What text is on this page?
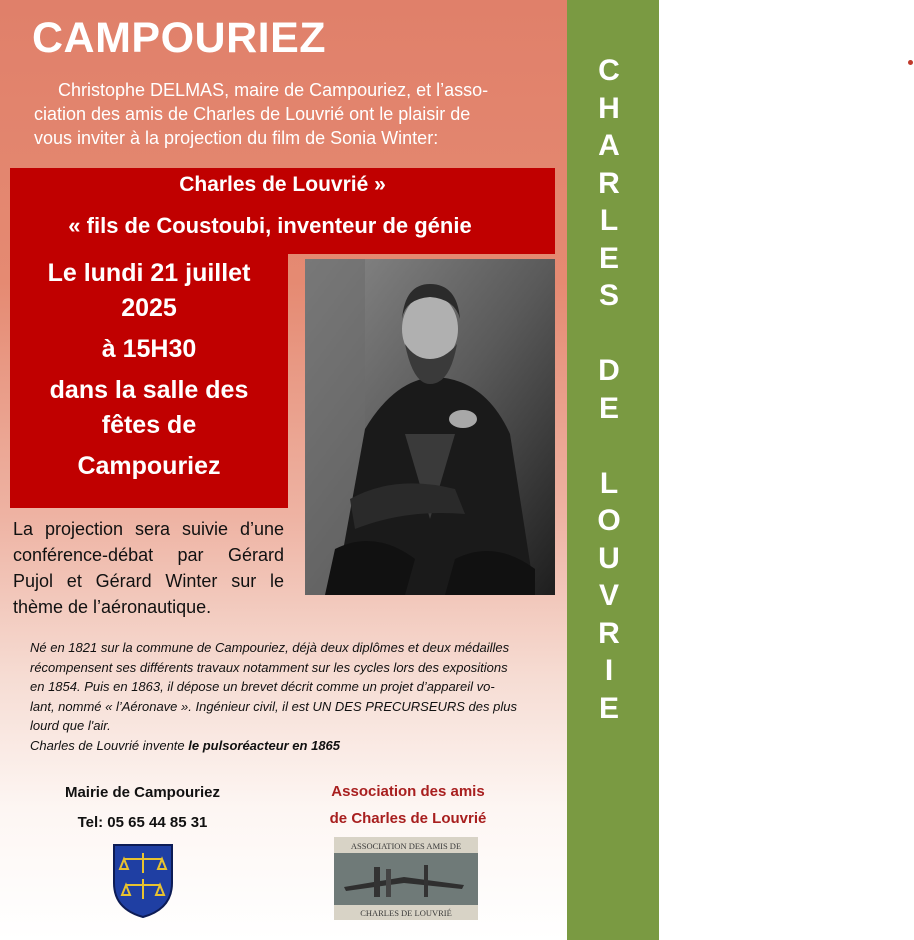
CAMPOURIEZ

Christophe DELMAS, maire de Campouriez, et l’asso-

ciation des amis de Charles de Louvrié ont le plaisir de

vous inviter à la projection du film de Sonia Winter:

Charles de Louvrié »
« fils de Coustoubi, inventeur de génie
Le lundi 21 juillet
2025
à 15H30
dans la salle des
fêtes de
Campouriez
La projection sera suivie d’une conférence-débat par Gérard Pujol et Gérard Winter sur le thème de l’aéronautique.

Né en 1821 sur la commune de Campouriez, déjà deux diplômes et deux médailles

récompensent ses différents travaux notamment sur les cycles lors des expositions

en 1854. Puis en 1863, il dépose un brevet décrit comme un projet d’appareil vo-

lant, nommé « l’Aéronave ». Ingénieur civil, il est UN DES PRECURSEURS des plus

lourd que l'air.

Charles de Louvrié invente le pulsoréacteur en 1865

Mairie de Campouriez
Tel: 05 65 44 85 31
Association des amis
de Charles de Louvrié
ASSOCIATION DES AMIS DE
CHARLES DE LOUVRIÉ
C
H
A
R
L
E
S
D
E
L
O
U
V
R
I
E
